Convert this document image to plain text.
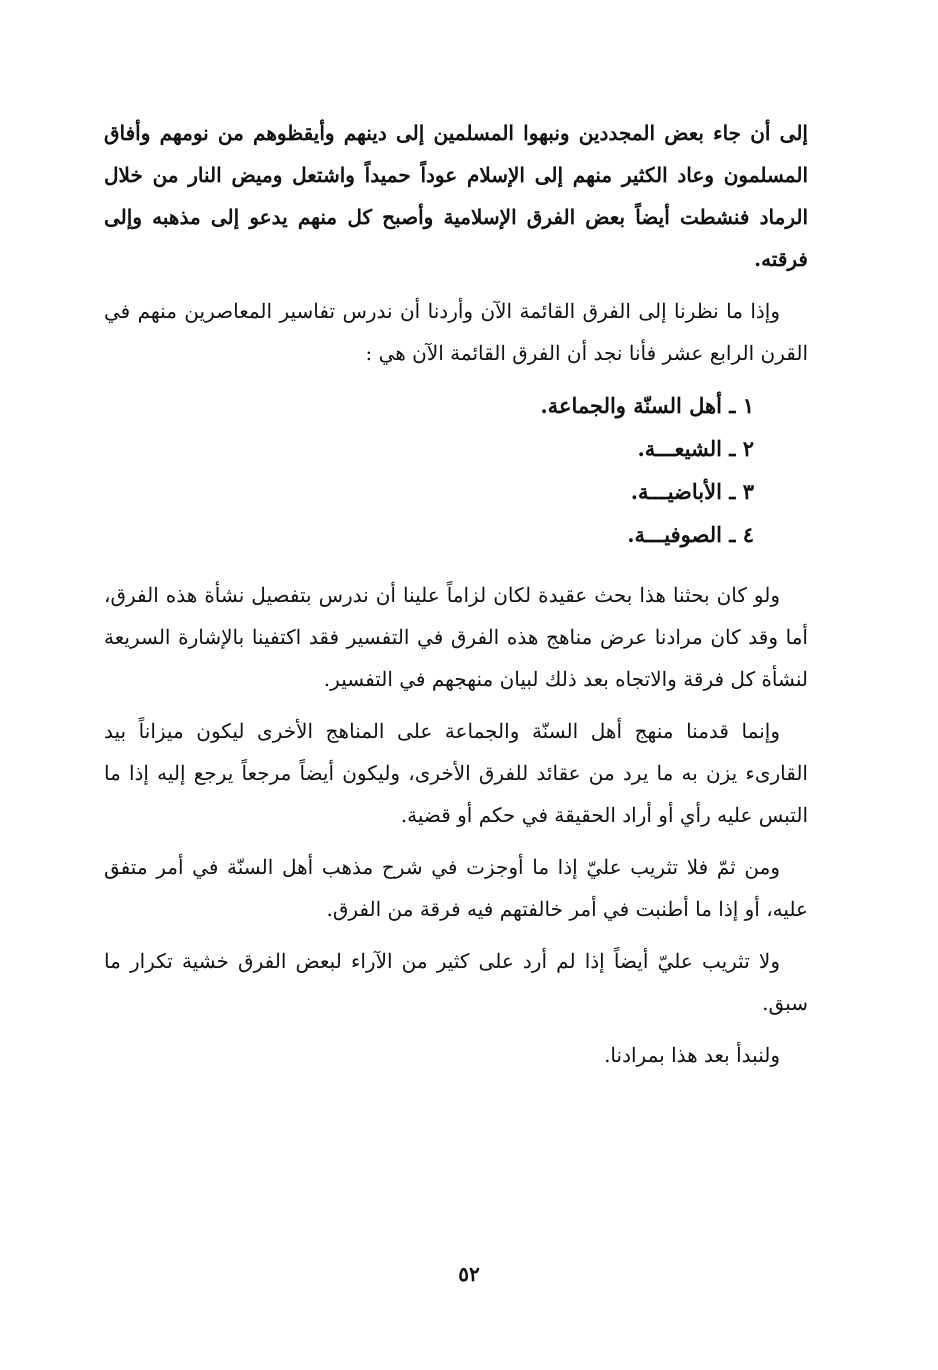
إلى أن جاء بعض المجددين ونبهوا المسلمين إلى دينهم وأيقظوهم من نومهم وأفاق المسلمون وعاد الكثير منهم إلى الإسلام عوداً حميداً واشتعل وميض النار من خلال الرماد فنشطت أيضاً بعض الفرق الإسلامية وأصبح كل منهم يدعو إلى مذهبه وإلى فرقته.

وإذا ما نظرنا إلى الفرق القائمة الآن وأردنا أن ندرس تفاسير المعاصرين منهم في القرن الرابع عشر فأنا نجد أن الفرق القائمة الآن هي :

١ ـ أهل السنّة والجماعة.
٢ ـ الشيعـــة.
٣ ـ الأباضيـــة.
٤ ـ الصوفيـــة.

ولو كان بحثنا هذا بحث عقيدة لكان لزاماً علينا أن ندرس بتفصيل نشأة هذه الفرق، أما وقد كان مرادنا عرض مناهج هذه الفرق في التفسير فقد اكتفينا بالإشارة السريعة لنشأة كل فرقة والاتجاه بعد ذلك لبيان منهجهم في التفسير.

وإنما قدمنا منهج أهل السنّة والجماعة على المناهج الأخرى ليكون ميزاناً بيد القارىء يزن به ما يرد من عقائد للفرق الأخرى، وليكون أيضاً مرجعاً يرجع إليه إذا ما التبس عليه رأي أو أراد الحقيقة في حكم أو قضية.

ومن ثمّ فلا تثريب عليّ إذا ما أوجزت في شرح مذهب أهل السنّة في أمر متفق عليه، أو إذا ما أطنبت في أمر خالفتهم فيه فرقة من الفرق.

ولا تثريب عليّ أيضاً إذا لم أرد على كثير من الآراء لبعض الفرق خشية تكرار ما سبق.

ولنبدأ بعد هذا بمرادنا.

٥٢
